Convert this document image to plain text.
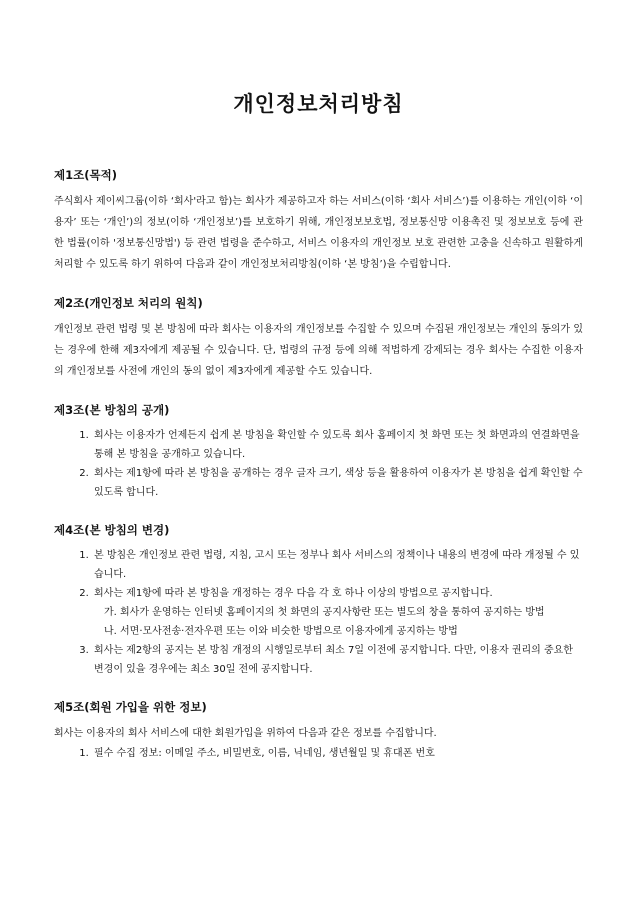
개인정보처리방침
제1조(목적)

주식회사 제이씨그룹(이하 ‘회사'라고 함)는 회사가 제공하고자 하는 서비스(이하 ‘회사 서비스’)를 이용하는 개인(이하 ‘이용자’ 또는 ‘개인’)의 정보(이하 ‘개인정보’)를 보호하기 위해, 개인정보보호법, 정보통신망 이용촉진 및 정보보호 등에 관한 법률(이하 '정보통신망법') 등 관련 법령을 준수하고, 서비스 이용자의 개인정보 보호 관련한 고충을 신속하고 원활하게 처리할 수 있도록 하기 위하여 다음과 같이 개인정보처리방침(이하 ‘본 방침’)을 수립합니다.

제2조(개인정보 처리의 원칙)

개인정보 관련 법령 및 본 방침에 따라 회사는 이용자의 개인정보를 수집할 수 있으며 수집된 개인정보는 개인의 동의가 있는 경우에 한해 제3자에게 제공될 수 있습니다. 단, 법령의 규정 등에 의해 적법하게 강제되는 경우 회사는 수집한 이용자의 개인정보를 사전에 개인의 동의 없이 제3자에게 제공할 수도 있습니다.

제3조(본 방침의 공개)
1. 회사는 이용자가 언제든지 쉽게 본 방침을 확인할 수 있도록 회사 홈페이지 첫 화면 또는 첫 화면과의 연결화면을 통해 본 방침을 공개하고 있습니다.
2. 회사는 제1항에 따라 본 방침을 공개하는 경우 글자 크기, 색상 등을 활용하여 이용자가 본 방침을 쉽게 확인할 수 있도록 합니다.
제4조(본 방침의 변경)
1. 본 방침은 개인정보 관련 법령, 지침, 고시 또는 정부나 회사 서비스의 정책이나 내용의 변경에 따라 개정될 수 있습니다.
2. 회사는 제1항에 따라 본 방침을 개정하는 경우 다음 각 호 하나 이상의 방법으로 공지합니다.
가. 회사가 운영하는 인터넷 홈페이지의 첫 화면의 공지사항란 또는 별도의 창을 통하여 공지하는 방법
나. 서면·모사전송·전자우편 또는 이와 비슷한 방법으로 이용자에게 공지하는 방법
3. 회사는 제2항의 공지는 본 방침 개정의 시행일로부터 최소 7일 이전에 공지합니다. 다만, 이용자 권리의 중요한 변경이 있을 경우에는 최소 30일 전에 공지합니다.
제5조(회원 가입을 위한 정보)

회사는 이용자의 회사 서비스에 대한 회원가입을 위하여 다음과 같은 정보를 수집합니다.

1. 필수 수집 정보: 이메일 주소, 비밀번호, 이름, 닉네임, 생년월일 및 휴대폰 번호
